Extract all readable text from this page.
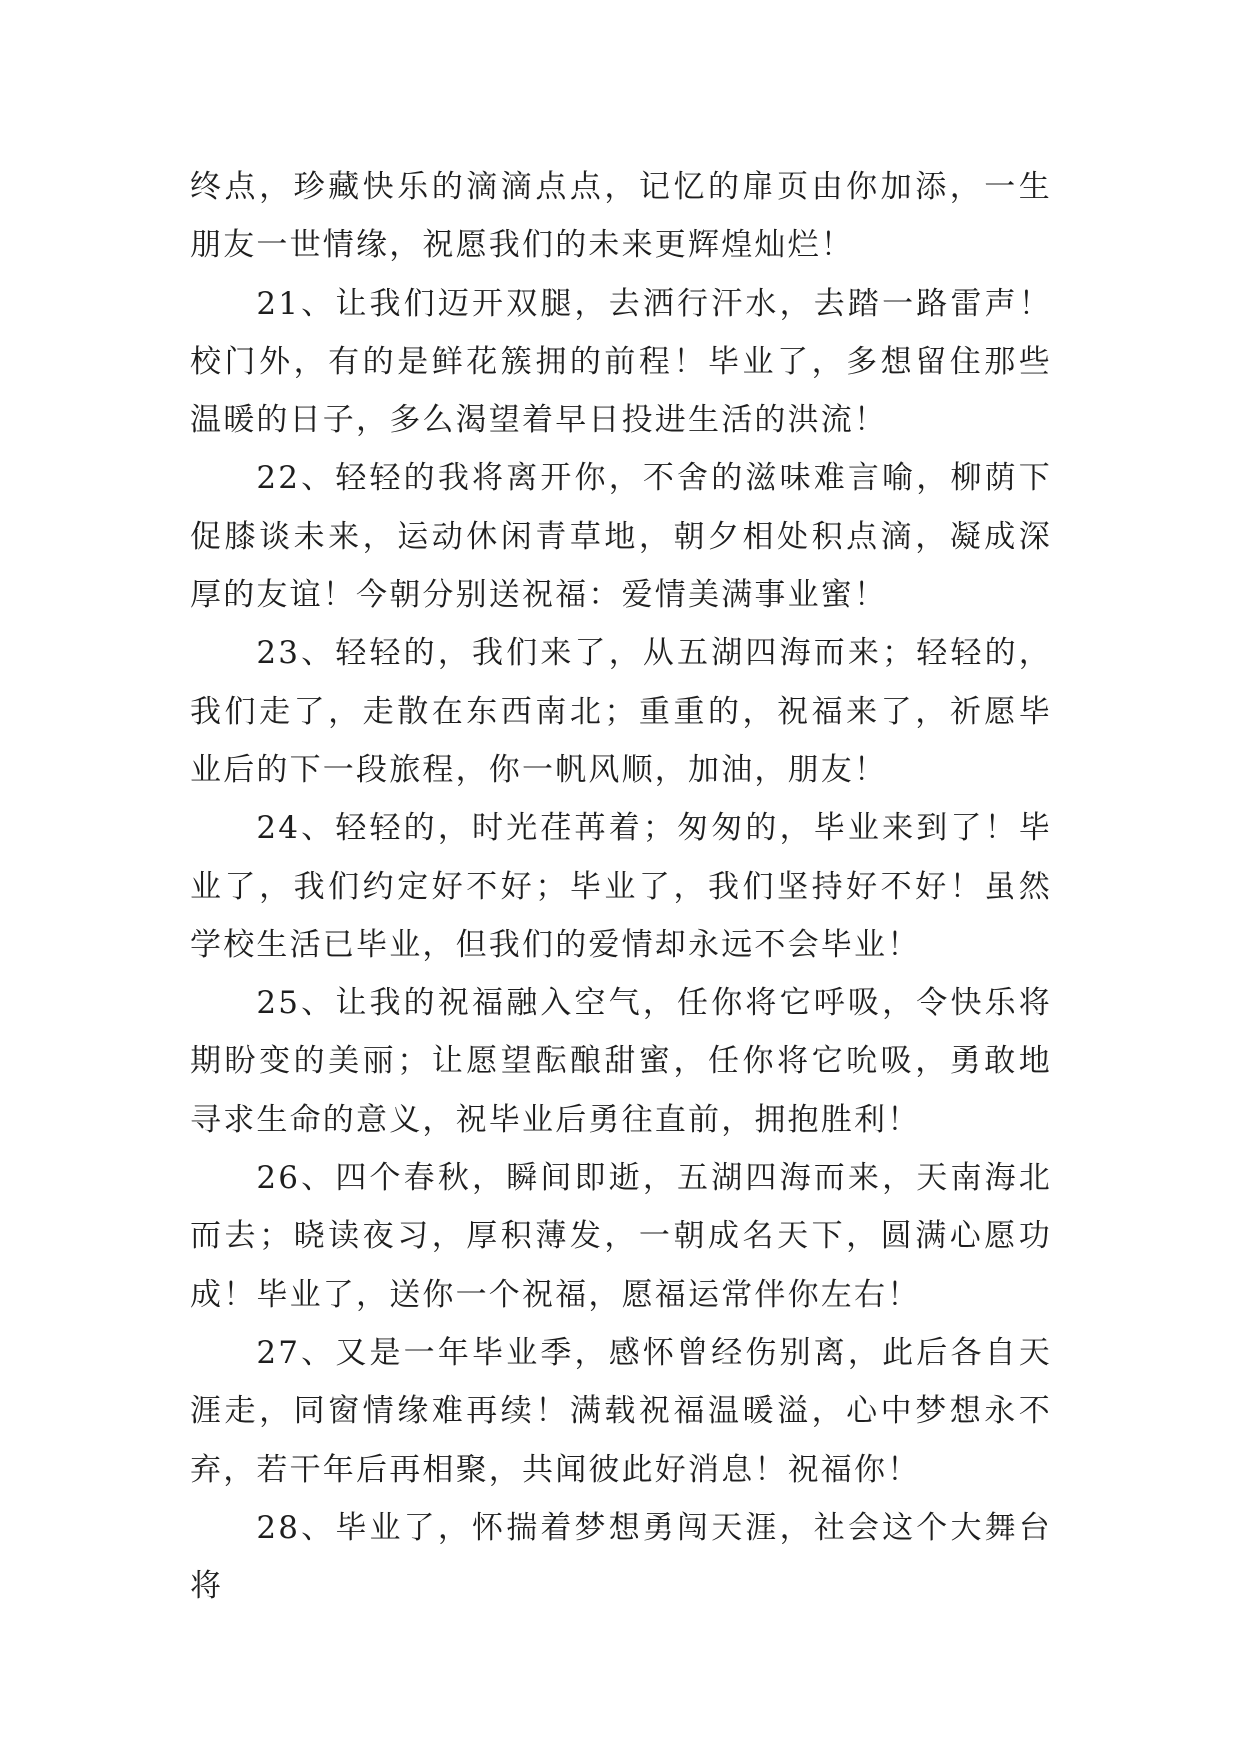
终点，珍藏快乐的滴滴点点，记忆的扉页由你加添，一生朋友一世情缘，祝愿我们的未来更辉煌灿烂！

21、让我们迈开双腿，去洒行汗水，去踏一路雷声！校门外，有的是鲜花簇拥的前程！毕业了，多想留住那些温暖的日子，多么渴望着早日投进生活的洪流！

22、轻轻的我将离开你，不舍的滋味难言喻，柳荫下促膝谈未来，运动休闲青草地，朝夕相处积点滴，凝成深厚的友谊！今朝分别送祝福：爱情美满事业蜜！

23、轻轻的，我们来了，从五湖四海而来；轻轻的，我们走了，走散在东西南北；重重的，祝福来了，祈愿毕业后的下一段旅程，你一帆风顺，加油，朋友！

24、轻轻的，时光荏苒着；匆匆的，毕业来到了！毕业了，我们约定好不好；毕业了，我们坚持好不好！虽然学校生活已毕业，但我们的爱情却永远不会毕业！

25、让我的祝福融入空气，任你将它呼吸，令快乐将期盼变的美丽；让愿望酝酿甜蜜，任你将它吮吸，勇敢地寻求生命的意义，祝毕业后勇往直前，拥抱胜利！

26、四个春秋，瞬间即逝，五湖四海而来，天南海北而去；晓读夜习，厚积薄发，一朝成名天下，圆满心愿功成！毕业了，送你一个祝福，愿福运常伴你左右！

27、又是一年毕业季，感怀曾经伤别离，此后各自天涯走，同窗情缘难再续！满载祝福温暖溢，心中梦想永不弃，若干年后再相聚，共闻彼此好消息！祝福你！

28、毕业了，怀揣着梦想勇闯天涯，社会这个大舞台将
